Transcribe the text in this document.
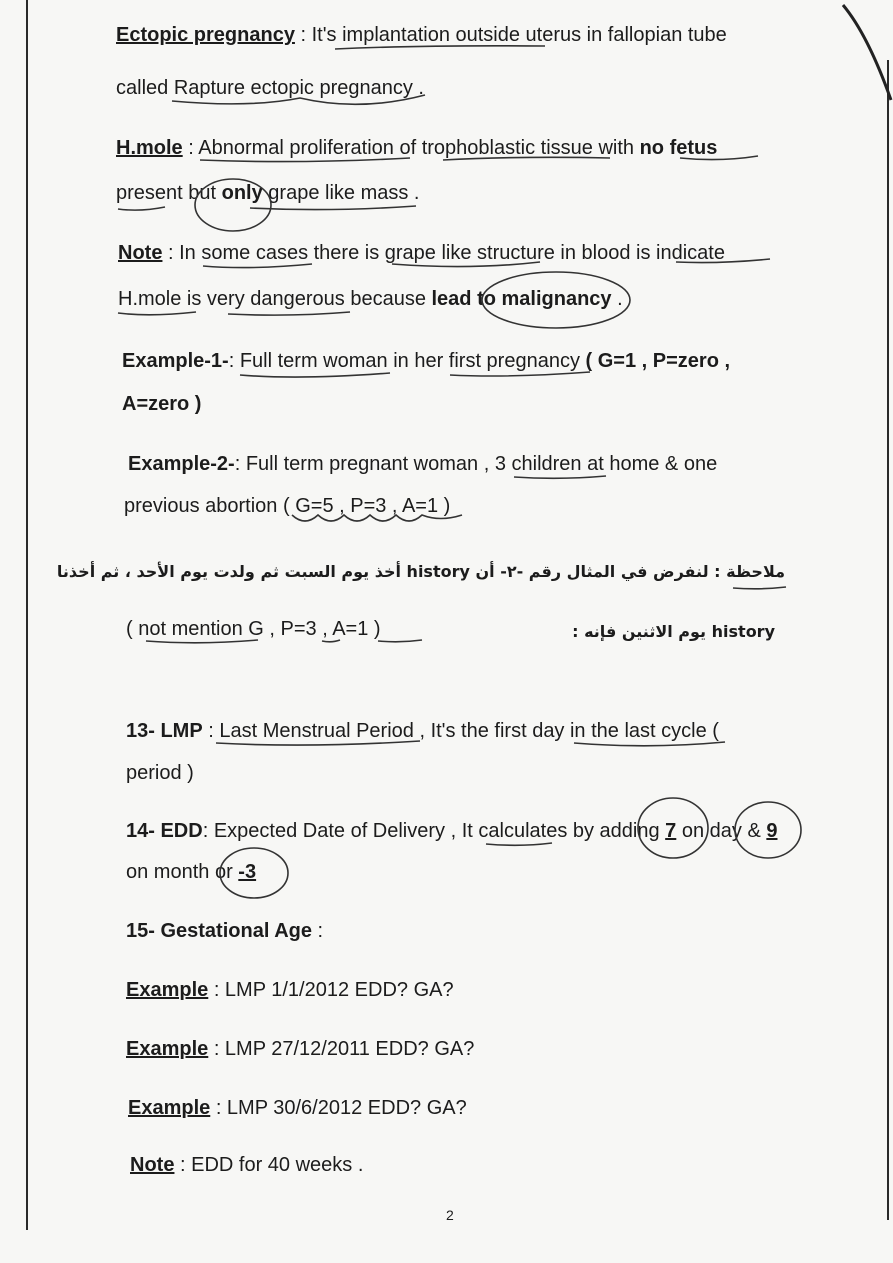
Ectopic pregnancy : It's implantation outside uterus in fallopian tube
called Rapture ectopic pregnancy .
H.mole : Abnormal proliferation of trophoblastic tissue with no fetus
present but only grape like mass .
Note : In some cases there is grape like structure in blood is indicate
H.mole is very dangerous because lead to malignancy .
Example-1-: Full term woman in her first pregnancy ( G=1 , P=zero ,
A=zero )
Example-2-: Full term pregnant woman , 3 children at home & one
previous abortion ( G=5 , P=3 , A=1 )
ملاحظة : لنفرض في المثال رقم -٢- أن history أخذ يوم السبت ثم ولدت يوم الأحد ، ثم أخذنا
( not mention G , P=3 , A=1 )	history يوم الاثنين فإنه :
13- LMP : Last Menstrual Period , It's the first day in the last cycle (
period )
14- EDD: Expected Date of Delivery , It calculates by adding 7 on day & 9
on month or -3
15- Gestational Age :
Example : LMP 1/1/2012 EDD? GA?
Example : LMP 27/12/2011 EDD? GA?
Example : LMP 30/6/2012 EDD? GA?
Note : EDD for 40 weeks .
2
